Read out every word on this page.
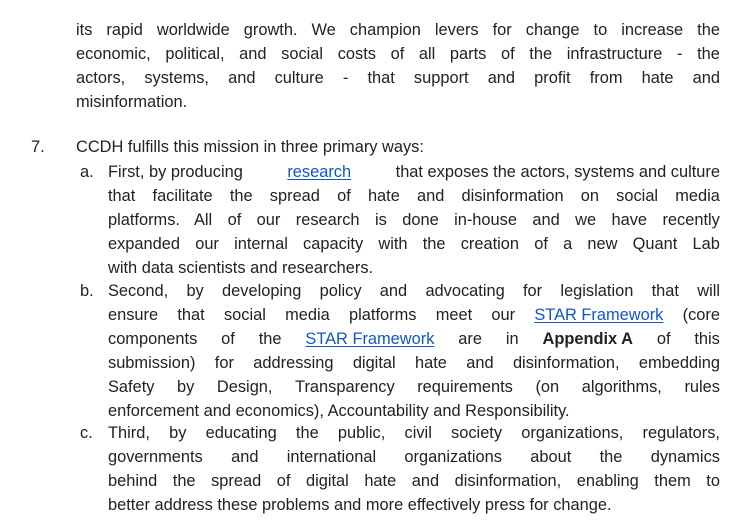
its rapid worldwide growth. We champion levers for change to increase the
economic, political, and social costs of all parts of the infrastructure - the
actors, systems, and culture - that support and profit from hate and
misinformation.
7. CCDH fulfills this mission in three primary ways:
a. First, by producing	research	that exposes the actors, systems and culture
that facilitate the spread of hate and disinformation on social media
platforms. All of our research is done in-house and we have recently
expanded our internal capacity with the creation of a new Quant Lab
with data scientists and researchers.
b. Second, by developing policy and advocating for legislation that will
ensure that social media platforms meet our STAR Framework (core
components of the STAR Framework are in Appendix A of this
submission) for addressing digital hate and disinformation, embedding
Safety by Design, Transparency requirements (on algorithms, rules
enforcement and economics), Accountability and Responsibility.
c. Third, by educating the public, civil society organizations, regulators,
governments and international organizations about the dynamics
behind the spread of digital hate and disinformation, enabling them to
better address these problems and more effectively press for change.
